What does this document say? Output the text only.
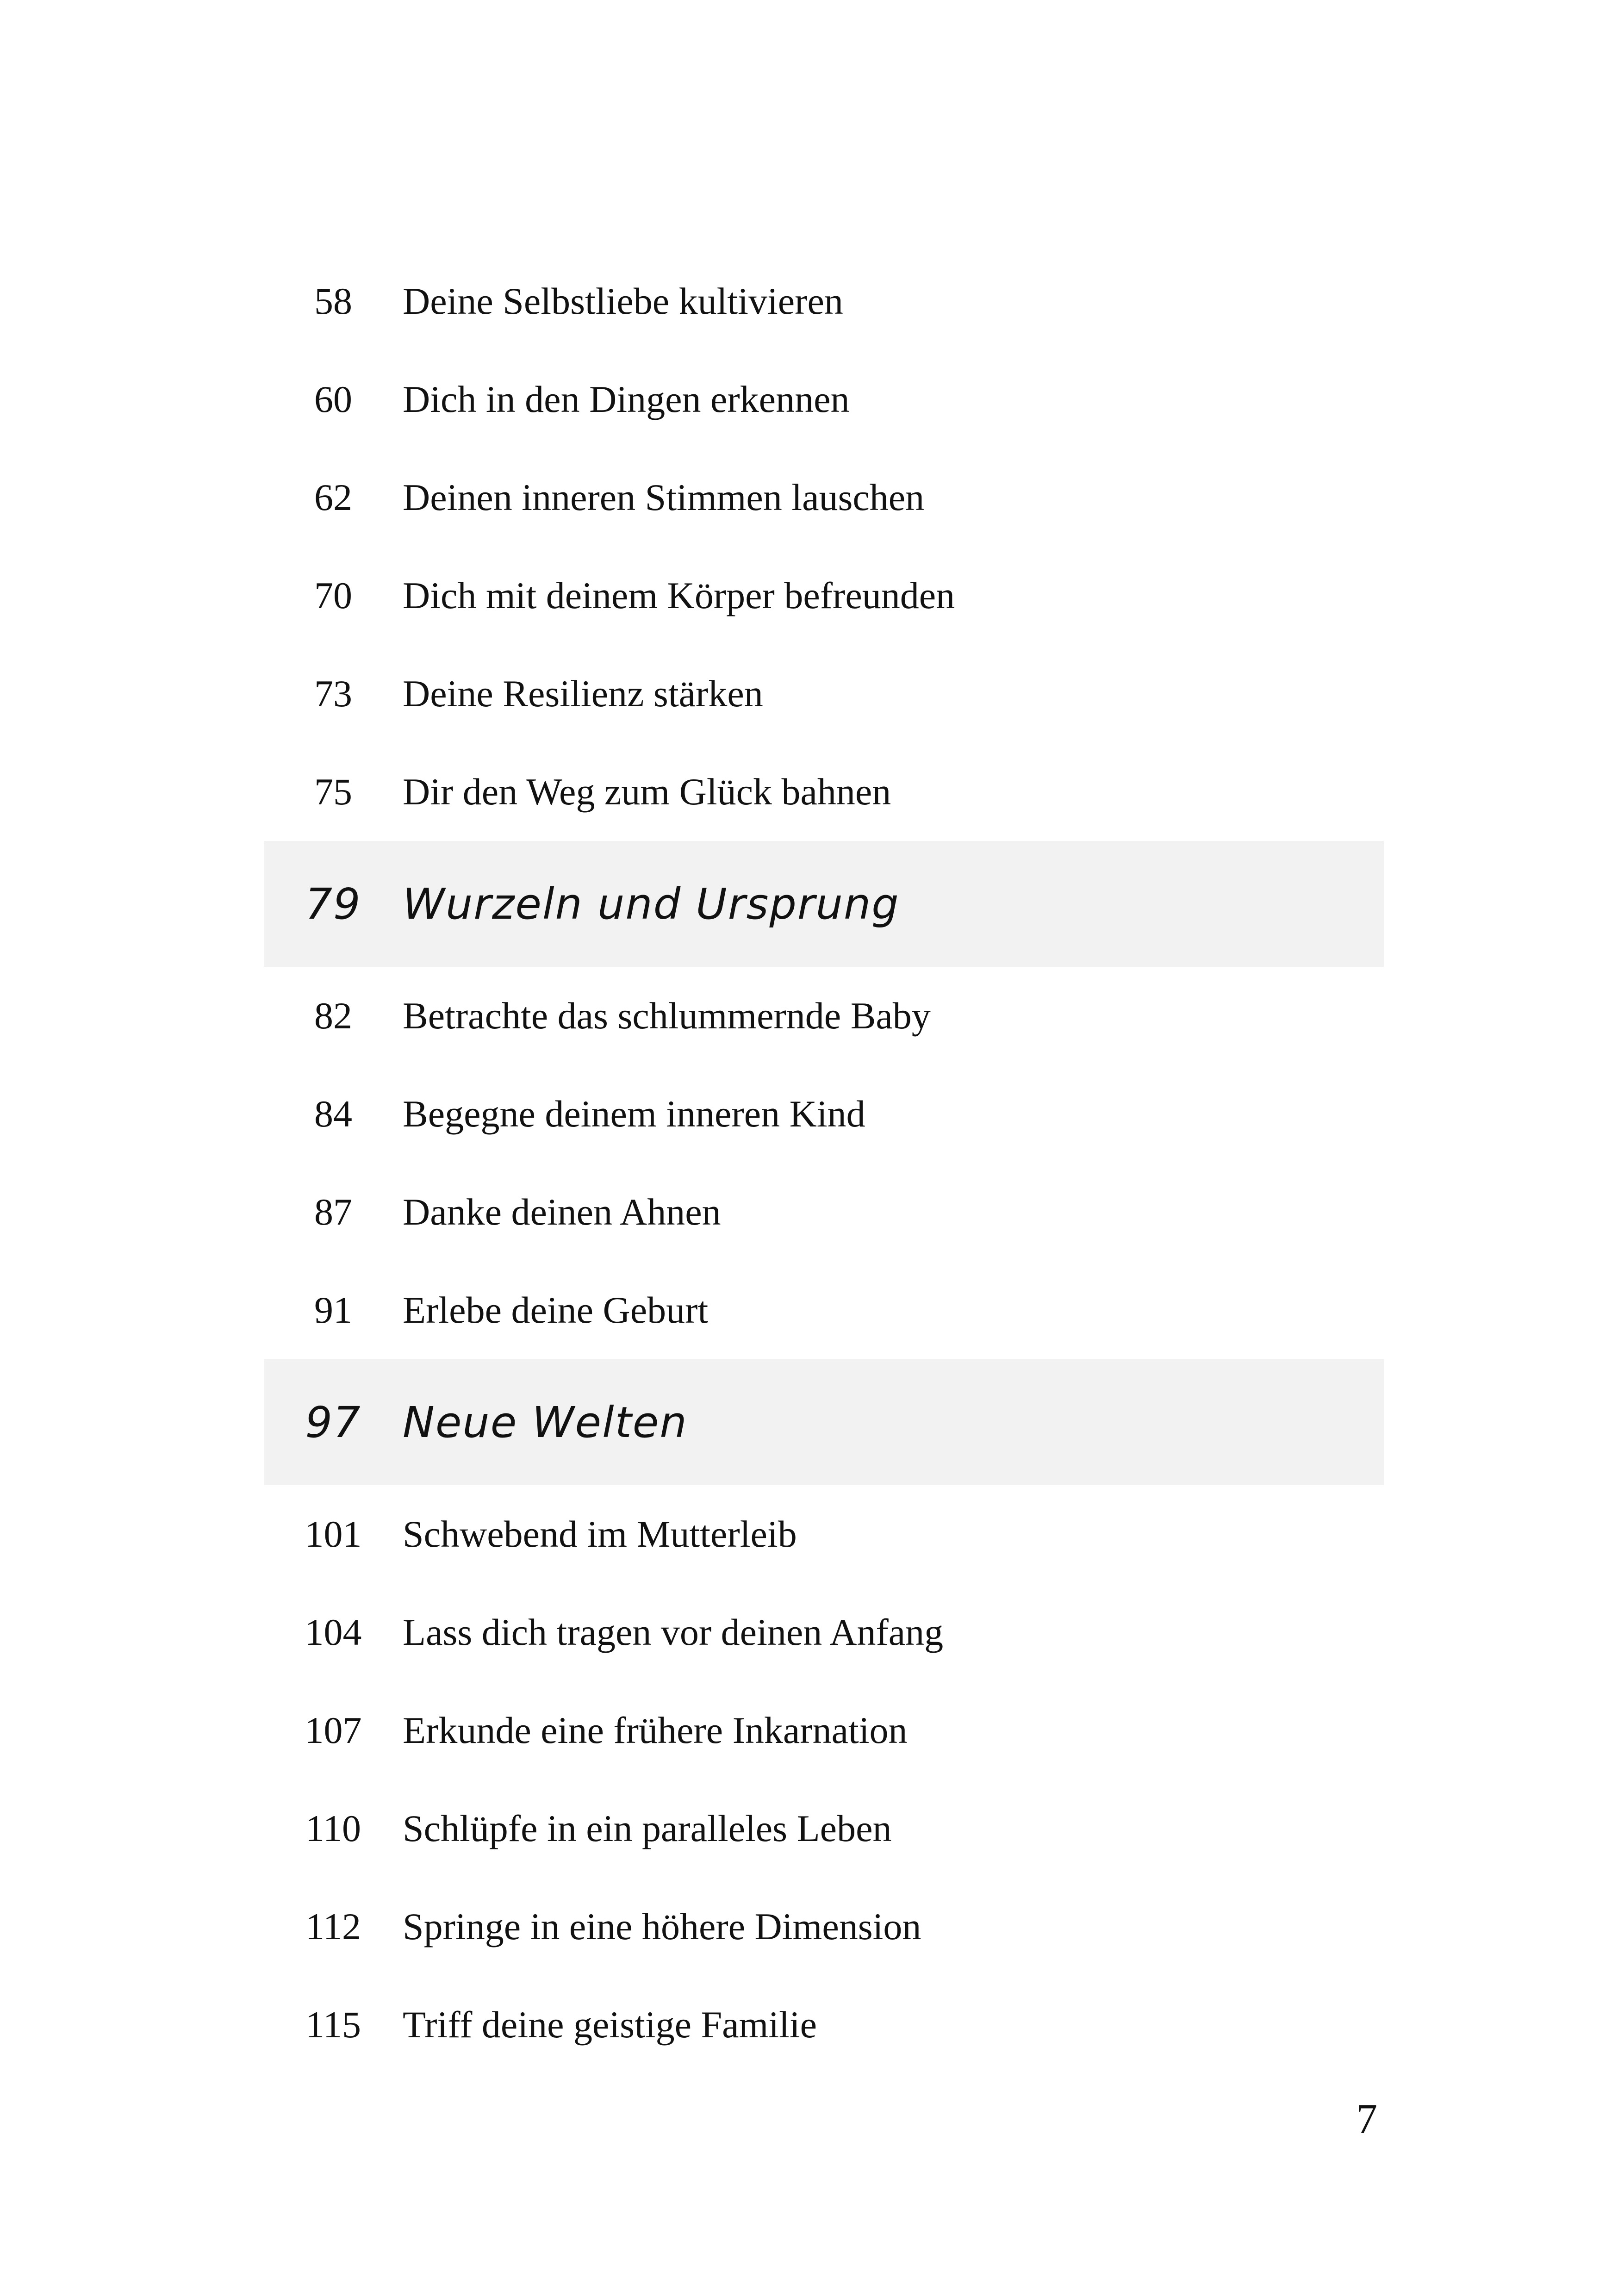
58	Deine Selbstliebe kultivieren
60	Dich in den Dingen erkennen
62	Deinen inneren Stimmen lauschen
70	Dich mit deinem Körper befreunden
73	Deine Resilienz stärken
75	Dir den Weg zum Glück bahnen
79 Wurzeln und Ursprung
82	Betrachte das schlummernde Baby
84	Begegne deinem inneren Kind
87	Danke deinen Ahnen
91	Erlebe deine Geburt
97 Neue Welten
101	Schwebend im Mutterleib
104	Lass dich tragen vor deinen Anfang
107	Erkunde eine frühere Inkarnation
110	Schlüpfe in ein paralleles Leben
112	Springe in eine höhere Dimension
115	Triff deine geistige Familie
7
